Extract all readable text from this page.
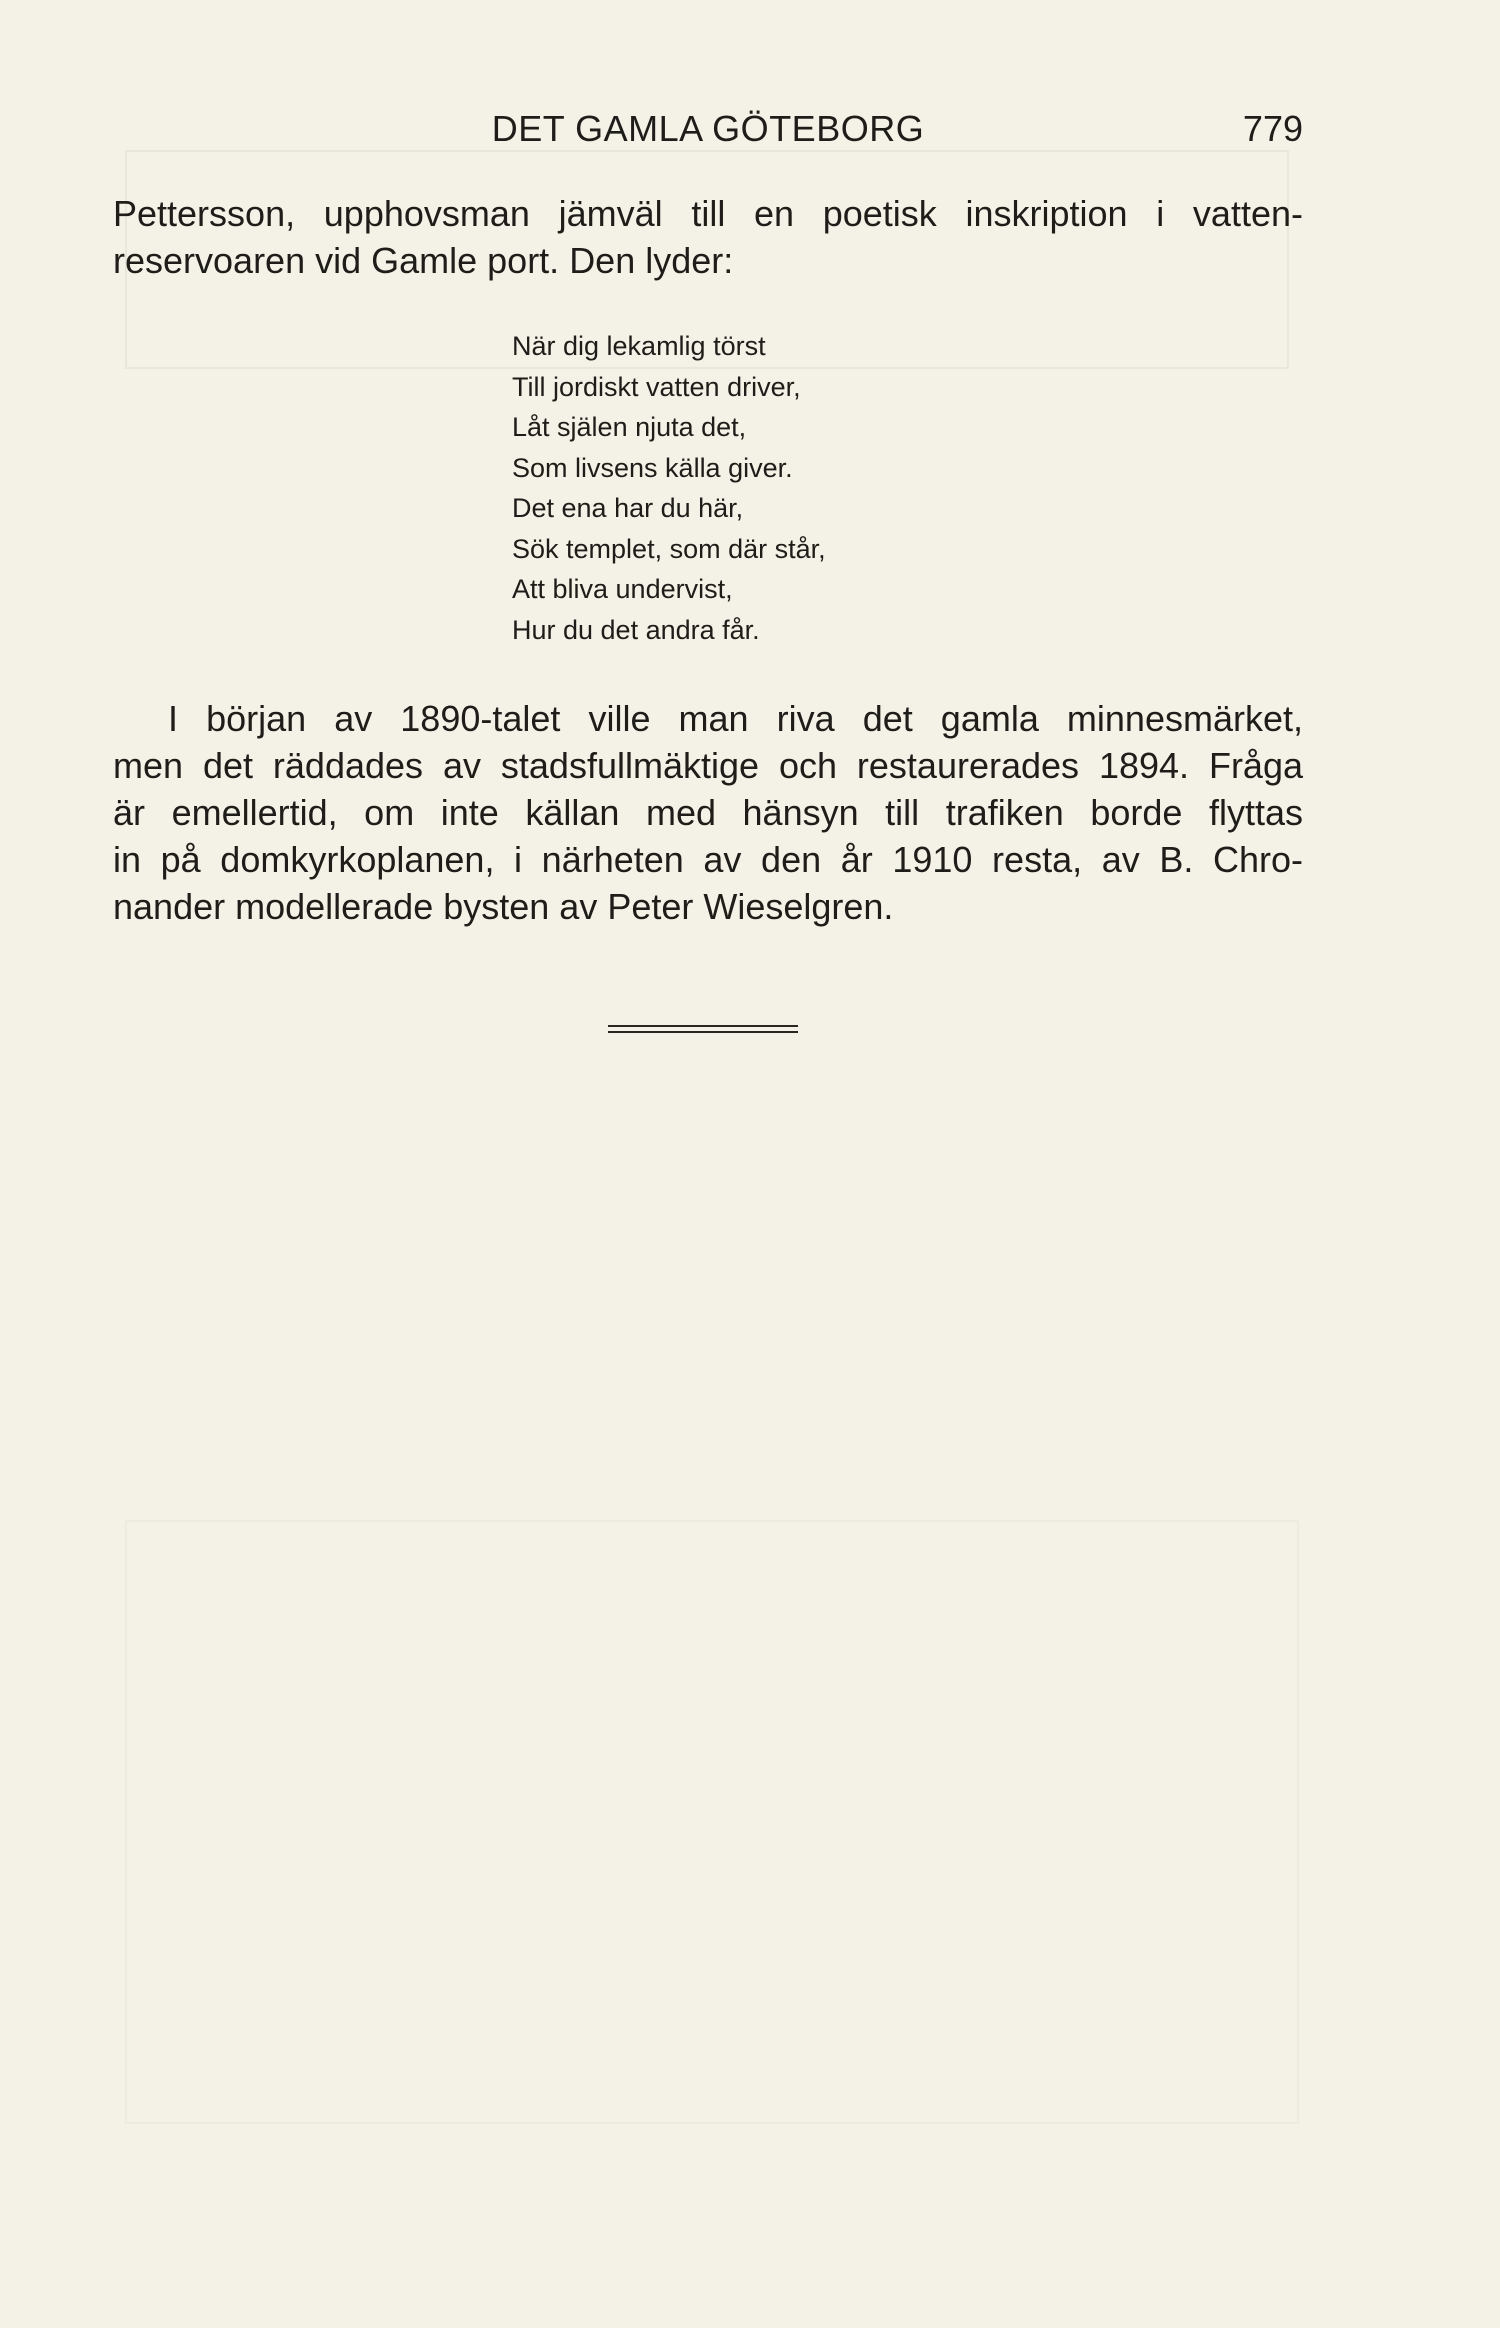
DET GAMLA GÖTEBORG	779
Pettersson, upphovsman jämväl till en poetisk inskription i vatten-
reservoaren vid Gamle port. Den lyder:
När dig lekamlig törst
Till jordiskt vatten driver,
Låt själen njuta det,
Som livsens källa giver.
Det ena har du här,
Sök templet, som där står,
Att bliva undervist,
Hur du det andra får.
I början av 1890-talet ville man riva det gamla minnesmärket,
men det räddades av stadsfullmäktige och restaurerades 1894. Fråga
är emellertid, om inte källan med hänsyn till trafiken borde flyttas
in på domkyrkoplanen, i närheten av den år 1910 resta, av B. Chro-
nander modellerade bysten av Peter Wieselgren.
